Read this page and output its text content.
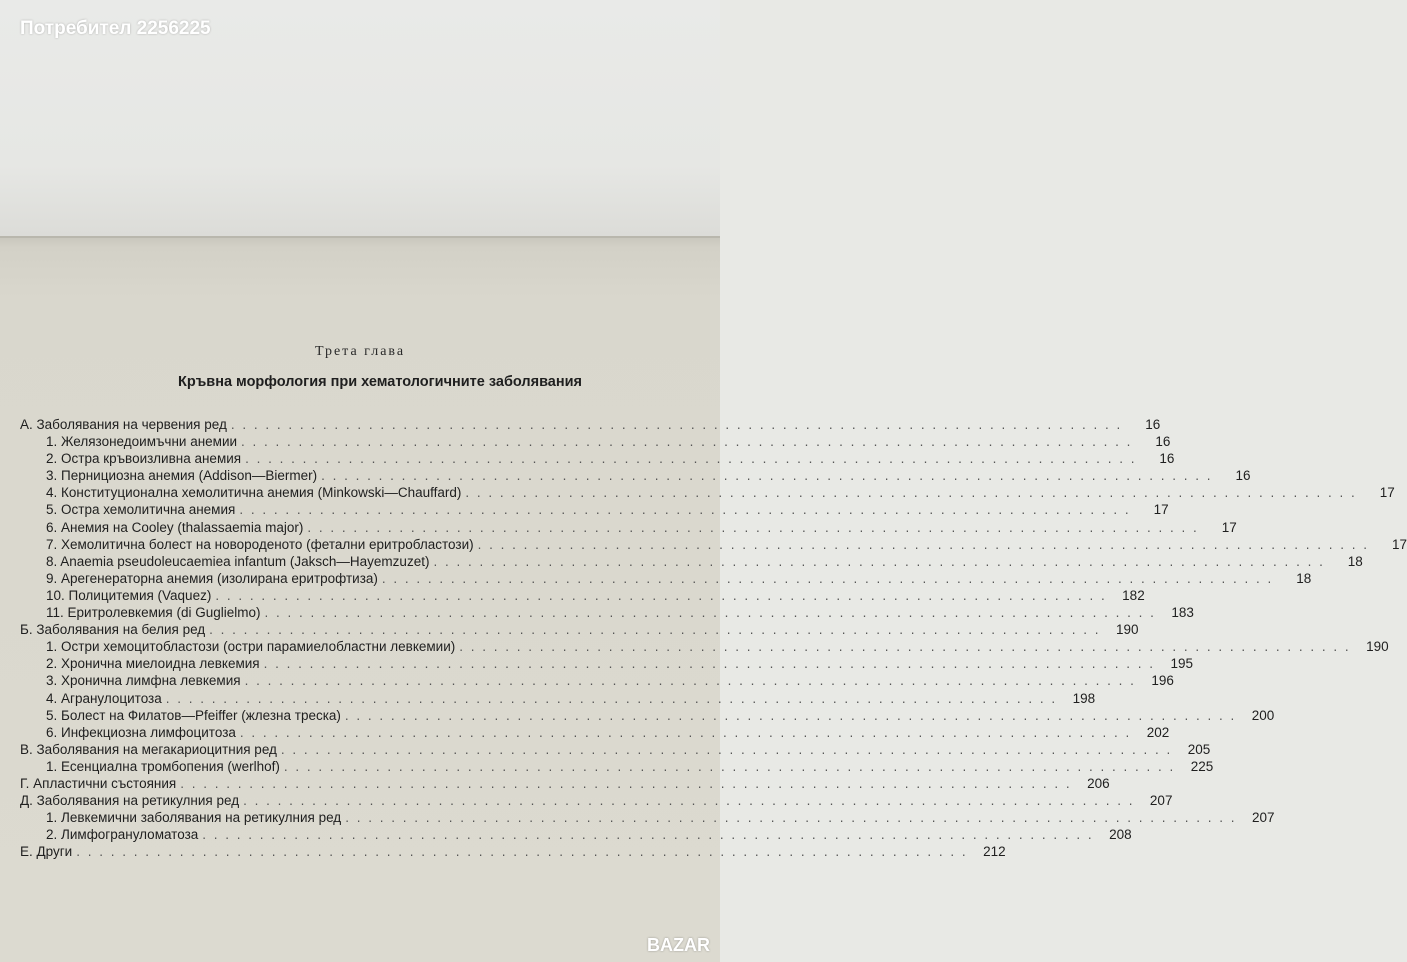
Потребител 2256225
Трета глава
Кръвна морфология при хематологичните заболявания
А. Заболявания на червения ред . . .	16
1. Желязонедоимъчни анемии . . .	16
2. Остра кръвоизливна анемия . . .	16
3. Пернициозна анемия (Addison—Biermer) . . .	16
4. Конституционална хемолитична анемия (Minkowski—Chauffard) . . .	17
5. Остра хемолитична анемия . . .	17
6. Анемия на Cooley (thalassaemia major) . . .	17
7. Хемолитична болест на новороденото (фетални еритробластози) . . .	17
8. Anaemia pseudoleucaemiea infantum (Jaksch—Hayemzuzet) . . .	18
9. Арегенераторна анемия (изолирана еритрофтиза) . . .	18
10. Полицитемия (Vaquez) . . .	182
11. Еритролевкемия (di Guglielmo) . . .	183
Б. Заболявания на белия ред . . .	190
1. Остри хемоцитобластози (остри парамиелобластни левкемии) . . .	190
2. Хронична миелоидна левкемия . . .	195
3. Хронична лимфна левкемия . . .	196
4. Агранулоцитоза . . .	198
5. Болест на Филатов—Pfeiffer (жлезна треска) . . .	200
6. Инфекциозна лимфоцитоза . . .	202
В. Заболявания на мегакариоцитния ред . . .	205
1. Есенциална тромбопения (werlhof) . . .	225
Г. Апластични състояния . . .	206
Д. Заболявания на ретикулния ред . . .	207
1. Левкемични заболявания на ретикулния ред . . .	207
2. Лимфогрануломатоза . . .	208
Е. Други . . .	212
BAZAR
